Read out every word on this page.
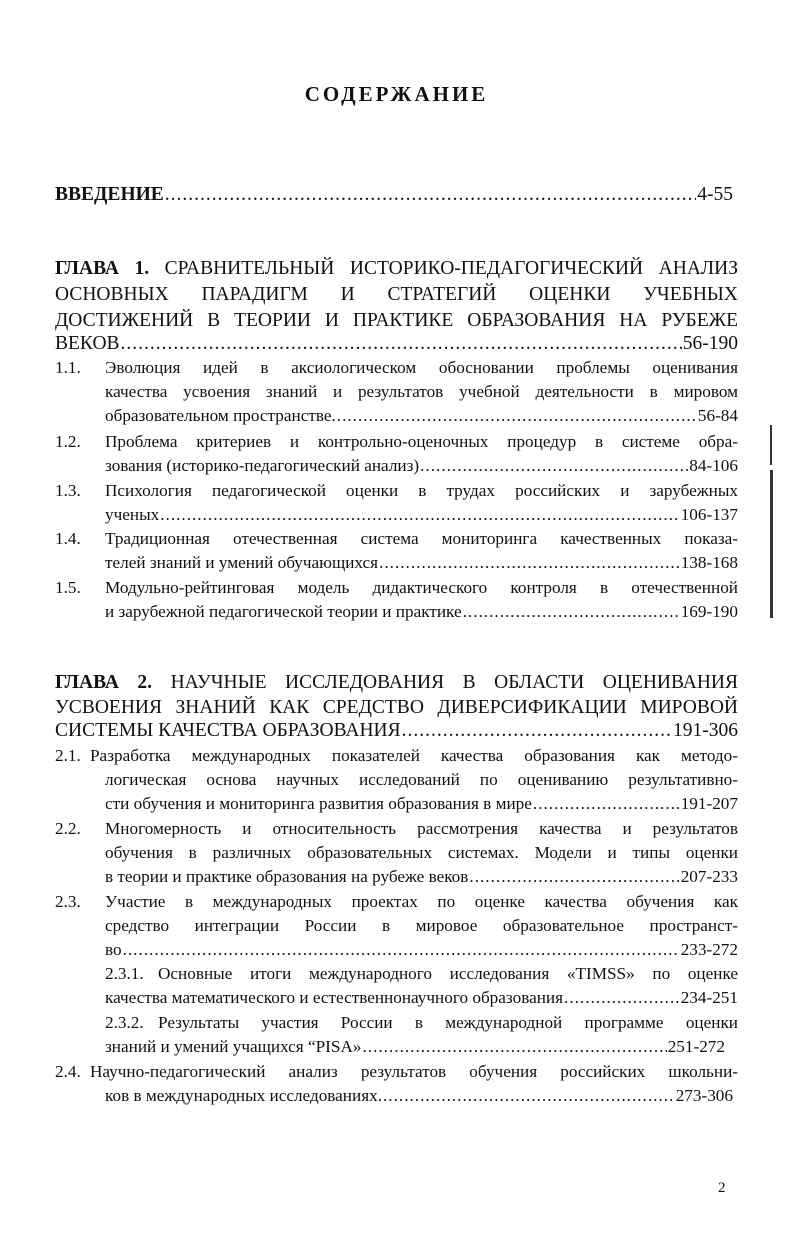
СОДЕРЖАНИЕ
ВВЕДЕНИЕ .....	4-55
ГЛАВА 1. СРАВНИТЕЛЬНЫЙ ИСТОРИКО-ПЕДАГОГИЧЕСКИЙ АНАЛИЗ
ОСНОВНЫХ ПАРАДИГМ И СТРАТЕГИЙ ОЦЕНКИ УЧЕБНЫХ
ДОСТИЖЕНИЙ В ТЕОРИИ И ПРАКТИКЕ ОБРАЗОВАНИЯ НА РУБЕЖЕ
ВЕКОВ .....	56-190
1.1. Эволюция идей в аксиологическом обосновании проблемы оценивания
качества усвоения знаний и результатов учебной деятельности в мировом
образовательном пространстве. .....	56-84
1.2. Проблема критериев и контрольно-оценочных процедур в системе обра-
зования (историко-педагогический анализ) .....	84-106
1.3. Психология педагогической оценки в трудах российских и зарубежных
ученых .....	106-137
1.4. Традиционная отечественная система мониторинга качественных показа-
телей знаний и умений обучающихся .....	138-168
1.5. Модульно-рейтинговая модель дидактического контроля в отечественной
и зарубежной педагогической теории и практике .....	169-190
ГЛАВА 2. НАУЧНЫЕ ИССЛЕДОВАНИЯ В ОБЛАСТИ ОЦЕНИВАНИЯ
УСВОЕНИЯ ЗНАНИЙ КАК СРЕДСТВО ДИВЕРСИФИКАЦИИ МИРОВОЙ
СИСТЕМЫ КАЧЕСТВА ОБРАЗОВАНИЯ .....	191-306
2.1. Разработка международных показателей качества образования как методо-
логическая основа научных исследований по оцениванию результативно-
сти обучения и мониторинга развития образования в мире .....	191-207
2.2. Многомерность и относительность рассмотрения качества и результатов
обучения в различных образовательных системах. Модели и типы оценки
в теории и практике образования на рубеже веков .....	207-233
2.3. Участие в международных проектах по оценке качества обучения как
средство интеграции России в мировое образовательное пространст-
во .....	233-272
2.3.1. Основные итоги международного исследования «TIMSS» по оценке
качества математического и естественнонаучного образования .....	234-251
2.3.2. Результаты участия России в международной программе оценки
знаний и умений учащихся “PISA» .....	251-272
2.4. Научно-педагогический анализ результатов обучения российских школьни-
ков в международных исследованиях. .....	273-306
2
